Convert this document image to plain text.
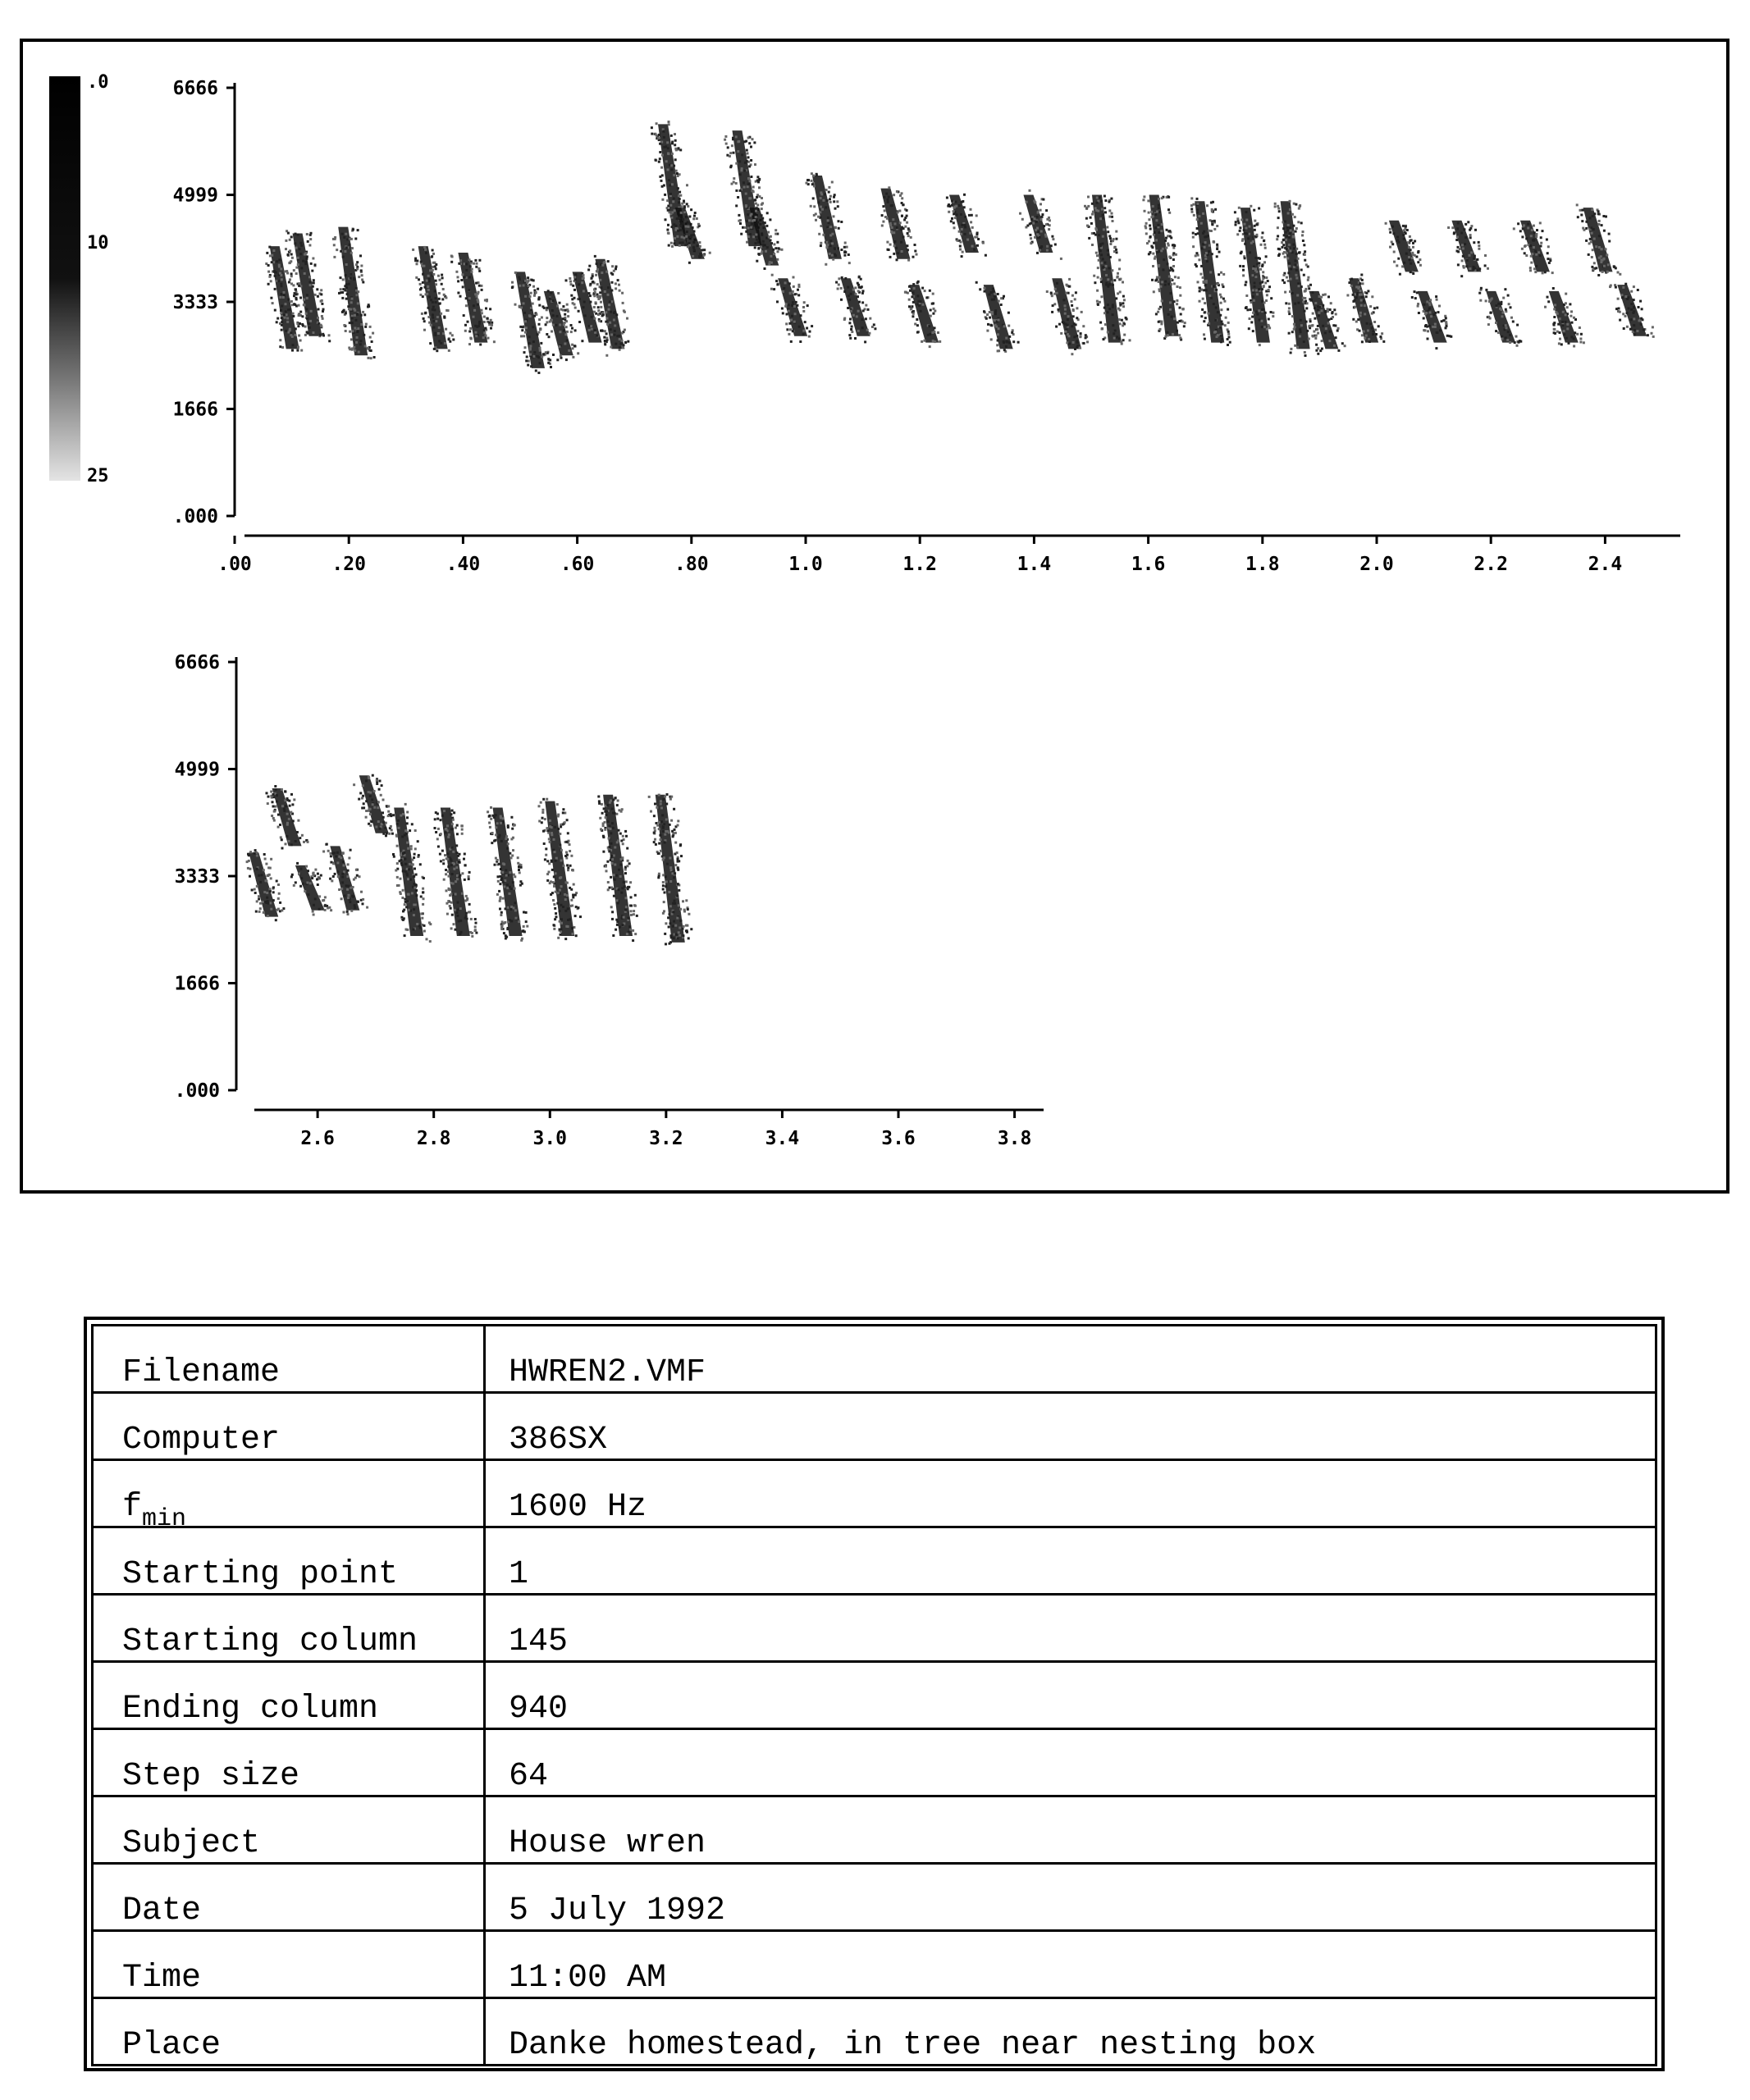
.0
10
25
6666
4999
3333
1666
.000
.00	.20	.40	.60	.80	1.0	1.2	1.4	1.6	1.8	2.0	2.2	2.4
6666
4999
3333
1666
.000
2.6	2.8	3.0	3.2	3.4	3.6	3.8
Filename	HWREN2.VMF
Computer	386SX
$f_{min}$	1600 Hz
Starting point	1
Starting column	145
Ending column	940
Step size	64
Subject	House wren
Date	5 July 1992
Time	11:00 AM
Place	Danke homestead, in tree near nesting box
